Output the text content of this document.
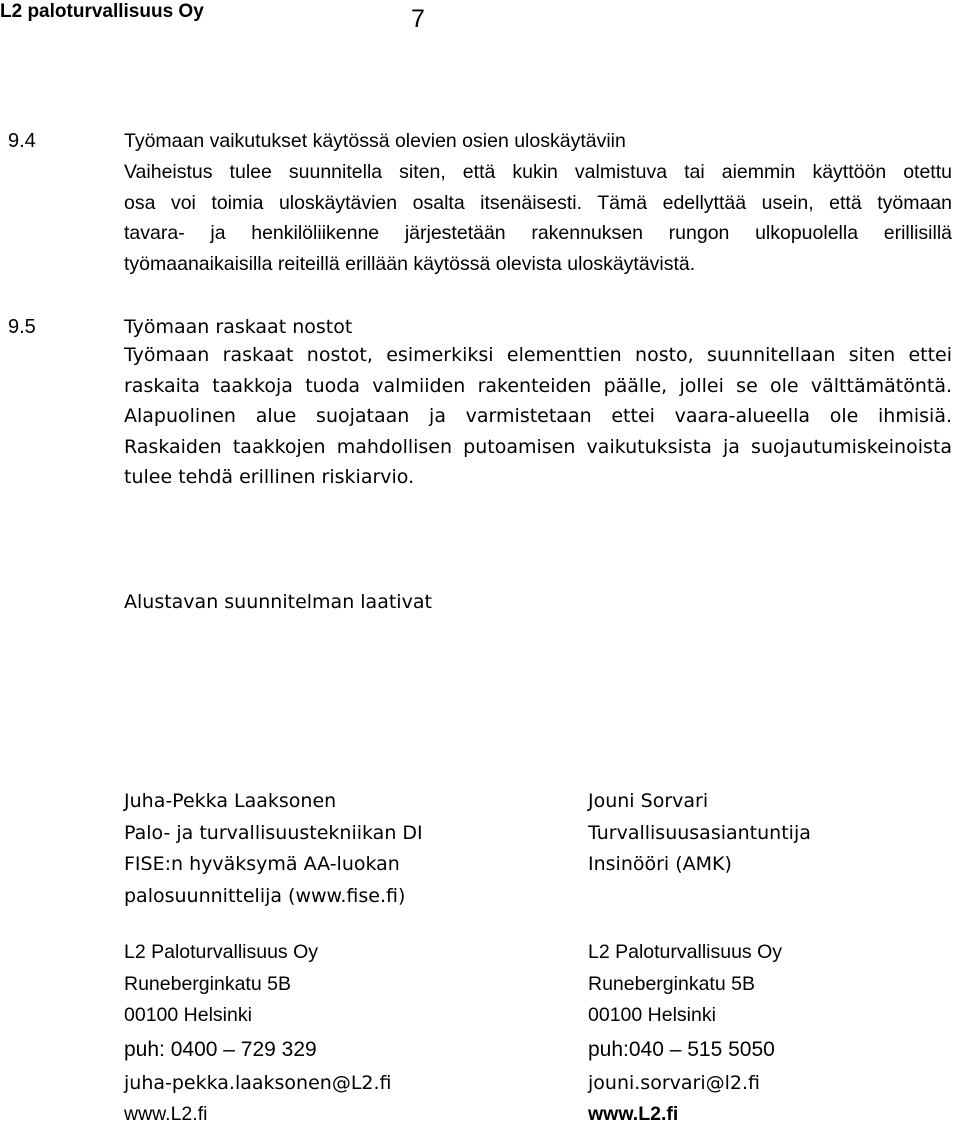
L2 paloturvallisuus Oy	7
9.4	Työmaan vaikutukset käytössä olevien osien uloskäytäviin
Vaiheistus tulee suunnitella siten, että kukin valmistuva tai aiemmin käyttöön otettu
osa voi toimia uloskäytävien osalta itsenäisesti. Tämä edellyttää usein, että työmaan
tavara- ja henkilöliikenne järjestetään rakennuksen rungon ulkopuolella erillisillä
työmaanaikaisilla reiteillä erillään käytössä olevista uloskäytävistä.
9.5	Työmaan raskaat nostot
Työmaan raskaat nostot, esimerkiksi elementtien nosto, suunnitellaan siten ettei
raskaita taakkoja tuoda valmiiden rakenteiden päälle, jollei se ole välttämätöntä.
Alapuolinen alue suojataan ja varmistetaan ettei vaara-alueella ole ihmisiä.
Raskaiden taakkojen mahdollisen putoamisen vaikutuksista ja suojautumiskeinoista
tulee tehdä erillinen riskiarvio.
Alustavan suunnitelman laativat
Juha-Pekka Laaksonen
Palo- ja turvallisuustekniikan DI
FISE:n hyväksymä AA-luokan
palosuunnittelija (www.fise.fi)
L2 Paloturvallisuus Oy
Runeberginkatu 5B
00100 Helsinki
puh: 0400 – 729 329
juha-pekka.laaksonen@L2.fi
www.L2.fi
Jouni Sorvari
Turvallisuusasiantuntija
Insinööri (AMK)
L2 Paloturvallisuus Oy
Runeberginkatu 5B
00100 Helsinki
puh:040 – 515 5050
jouni.sorvari@l2.fi
www.L2.fi
